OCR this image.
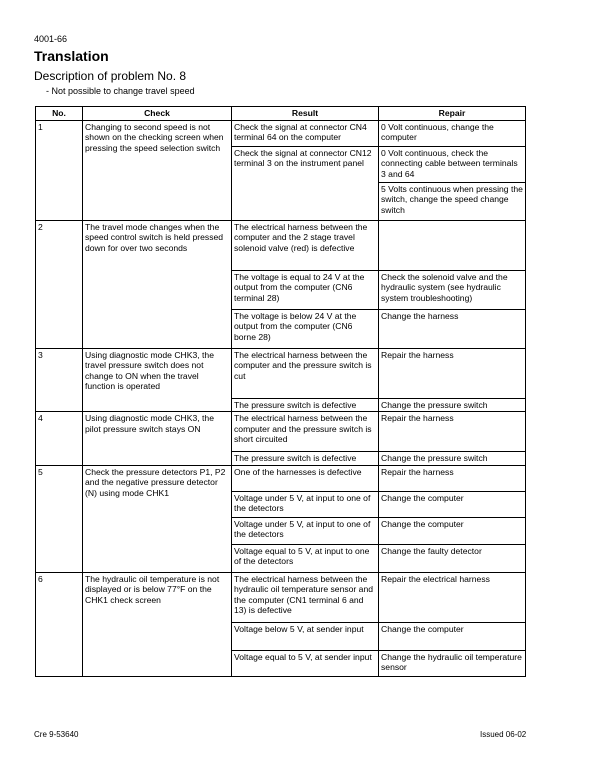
4001-66
Translation
Description of problem No. 8
- Not possible to change travel speed
No.	Check	Result	Repair
1	Changing to second speed is not shown on the checking screen when pressing the speed selection switch	Check the signal at connector CN4 terminal 64 on the computer	0 Volt continuous, change the computer
		Check the signal at connector CN12 terminal 3 on the instrument panel	0 Volt continuous, check the connecting cable between terminals 3 and 64
			5 Volts continuous when pressing the switch, change the speed change switch
2	The travel mode changes when the speed control switch is held pressed down for over two seconds	The electrical harness between the computer and the 2 stage travel solenoid valve (red) is defective	
		The voltage is equal to 24 V at the output from the computer (CN6 terminal 28)	Check the solenoid valve and the hydraulic system (see hydraulic system troubleshooting)
		The voltage is below 24 V at the output from the computer (CN6 borne 28)	Change the harness
3	Using diagnostic mode CHK3, the travel pressure switch does not change to ON when the travel function is operated	The electrical harness between the computer and the pressure switch is cut	Repair the harness
		The pressure switch is defective	Change the pressure switch
4	Using diagnostic mode CHK3, the pilot pressure switch stays ON	The electrical harness between the computer and the pressure switch is short circuited	Repair the harness
		The pressure switch is defective	Change the pressure switch
5	Check the pressure detectors P1, P2 and the negative pressure detector (N) using mode CHK1	One of the harnesses is defective	Repair the harness
		Voltage under 5 V, at input to one of the detectors	Change the computer
		Voltage under 5 V, at input to one of the detectors	Change the computer
		Voltage equal to 5 V, at input to one of the detectors	Change the faulty detector
6	The hydraulic oil temperature is not displayed or is below 77°F on the CHK1 check screen	The electrical harness between the hydraulic oil temperature sensor and the computer (CN1 terminal 6 and 13) is defective	Repair the electrical harness
		Voltage below 5 V, at sender input	Change the computer
		Voltage equal to 5 V, at sender input	Change the hydraulic oil temperature sensor
Cre 9-53640	Issued 06-02
